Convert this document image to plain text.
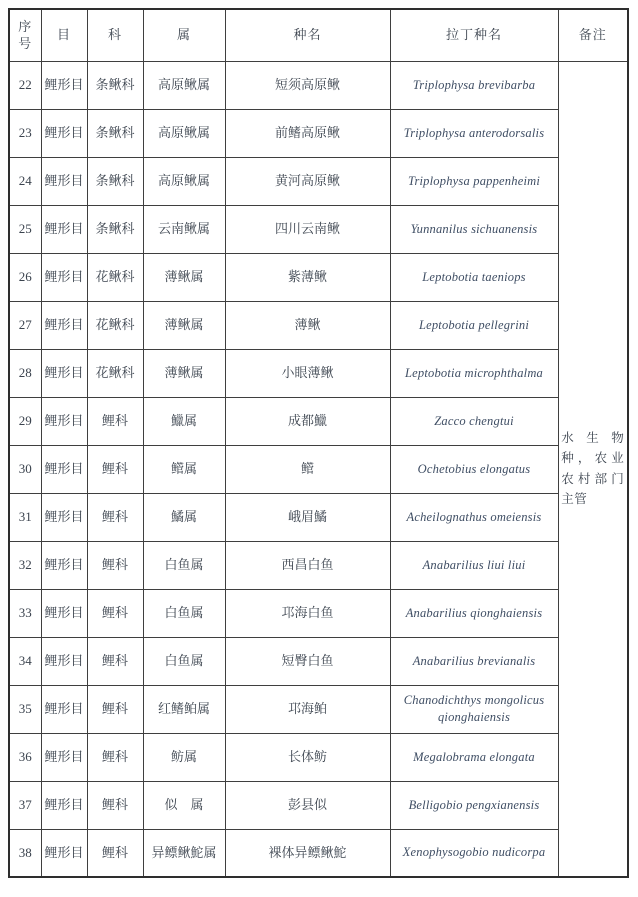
序号	目	科	属	种名	拉丁种名	备注
22	鲤形目	条鳅科	高原鳅属	短须高原鳅	Triplophysa brevibarba	水生物种，农业农村部门主管
23	鲤形目	条鳅科	高原鳅属	前鳍高原鳅	Triplophysa anterodorsalis	
24	鲤形目	条鳅科	高原鳅属	黄河高原鳅	Triplophysa pappenheimi	
25	鲤形目	条鳅科	云南鳅属	四川云南鳅	Yunnanilus sichuanensis	
26	鲤形目	花鳅科	薄鳅属	紫薄鳅	Leptobotia taeniops	
27	鲤形目	花鳅科	薄鳅属	薄鳅	Leptobotia pellegrini	
28	鲤形目	花鳅科	薄鳅属	小眼薄鳅	Leptobotia microphthalma	
29	鲤形目	鲤科	鱲属	成都鱲	Zacco chengtui	
30	鲤形目	鲤科	鳤属	鳤	Ochetobius elongatus	
31	鲤形目	鲤科	鱊属	峨眉鱊	Acheilognathus omeiensis	
32	鲤形目	鲤科	白鱼属	西昌白鱼	Anabarilius liui liui	
33	鲤形目	鲤科	白鱼属	邛海白鱼	Anabarilius qionghaiensis	
34	鲤形目	鲤科	白鱼属	短臀白鱼	Anabarilius brevianalis	
35	鲤形目	鲤科	红鳍鲌属	邛海鲌	Chanodichthys mongolicus qionghaiensis	
36	鲤形目	鲤科	鲂属	长体鲂	Megalobrama elongata	
37	鲤形目	鲤科	似　属	彭县似	Belligobio pengxianensis	
38	鲤形目	鲤科	异鳔鳅鮀属	裸体异鳔鳅鮀	Xenophysogobio nudicorpa	
